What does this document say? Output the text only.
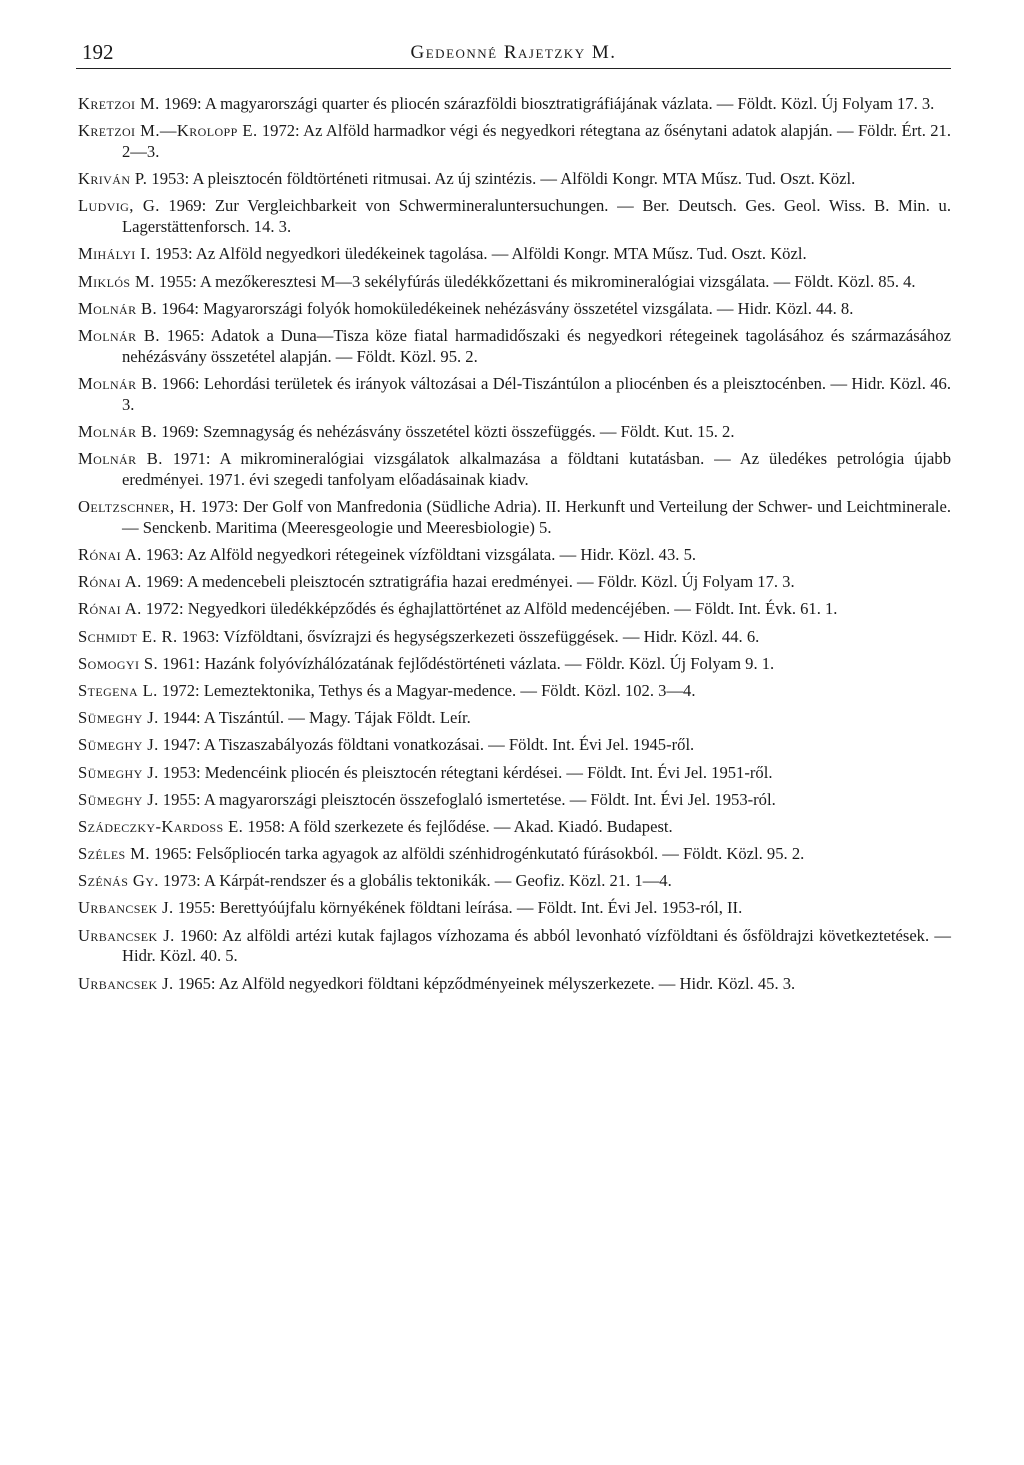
192	Gedeonné Rajetzky M.

Kretzoi M. 1969: A magyarországi quarter és pliocén szárazföldi biosztratigráfiájának vázlata. — Földt. Közl. Új Folyam 17. 3.

Kretzoi M.—Krolopp E. 1972: Az Alföld harmadkor végi és negyedkori rétegtana az ősénytani adatok alapján. — Földr. Ért. 21. 2—3.

Kriván P. 1953: A pleisztocén földtörténeti ritmusai. Az új szintézis. — Alföldi Kongr. MTA Műsz. Tud. Oszt. Közl.

Ludvig, G. 1969: Zur Vergleichbarkeit von Schwermineraluntersuchungen. — Ber. Deutsch. Ges. Geol. Wiss. B. Min. u. Lagerstättenforsch. 14. 3.

Mihályi I. 1953: Az Alföld negyedkori üledékeinek tagolása. — Alföldi Kongr. MTA Műsz. Tud. Oszt. Közl.

Miklós M. 1955: A mezőkeresztesi M—3 sekélyfúrás üledékkőzettani és mikromineralógiai vizsgálata. — Földt. Közl. 85. 4.

Molnár B. 1964: Magyarországi folyók homoküledékeinek nehézásvány összetétel vizsgálata. — Hidr. Közl. 44. 8.

Molnár B. 1965: Adatok a Duna—Tisza köze fiatal harmadidőszaki és negyedkori rétegeinek tagolásához és származásához nehézásvány összetétel alapján. — Földt. Közl. 95. 2.

Molnár B. 1966: Lehordási területek és irányok változásai a Dél-Tiszántúlon a pliocénben és a pleisztocénben. — Hidr. Közl. 46. 3.

Molnár B. 1969: Szemnagyság és nehézásvány összetétel közti összefüggés. — Földt. Kut. 15. 2.

Molnár B. 1971: A mikromineralógiai vizsgálatok alkalmazása a földtani kutatásban. — Az üledékes petrológia újabb eredményei. 1971. évi szegedi tanfolyam előadásainak kiadv.

Oeltzschner, H. 1973: Der Golf von Manfredonia (Südliche Adria). II. Herkunft und Verteilung der Schwer- und Leichtminerale. — Senckenb. Maritima (Meeresgeologie und Meeresbiologie) 5.

Rónai A. 1963: Az Alföld negyedkori rétegeinek vízföldtani vizsgálata. — Hidr. Közl. 43. 5.

Rónai A. 1969: A medencebeli pleisztocén sztratigráfia hazai eredményei. — Földr. Közl. Új Folyam 17. 3.

Rónai A. 1972: Negyedkori üledékképződés és éghajlattörténet az Alföld medencéjében. — Földt. Int. Évk. 61. 1.

Schmidt E. R. 1963: Vízföldtani, ősvízrajzi és hegységszerkezeti összefüggések. — Hidr. Közl. 44. 6.

Somogyi S. 1961: Hazánk folyóvízhálózatának fejlődéstörténeti vázlata. — Földr. Közl. Új Folyam 9. 1.

Stegena L. 1972: Lemeztektonika, Tethys és a Magyar-medence. — Földt. Közl. 102. 3—4.

Sümeghy J. 1944: A Tiszántúl. — Magy. Tájak Földt. Leír.

Sümeghy J. 1947: A Tiszaszabályozás földtani vonatkozásai. — Földt. Int. Évi Jel. 1945-ről.

Sümeghy J. 1953: Medencéink pliocén és pleisztocén rétegtani kérdései. — Földt. Int. Évi Jel. 1951-ről.

Sümeghy J. 1955: A magyarországi pleisztocén összefoglaló ismertetése. — Földt. Int. Évi Jel. 1953-ról.

Szádeczky-Kardoss E. 1958: A föld szerkezete és fejlődése. — Akad. Kiadó. Budapest.

Széles M. 1965: Felsőpliocén tarka agyagok az alföldi szénhidrogénkutató fúrásokból. — Földt. Közl. 95. 2.

Szénás Gy. 1973: A Kárpát-rendszer és a globális tektonikák. — Geofiz. Közl. 21. 1—4.

Urbancsek J. 1955: Berettyóújfalu környékének földtani leírása. — Földt. Int. Évi Jel. 1953-ról, II.

Urbancsek J. 1960: Az alföldi artézi kutak fajlagos vízhozama és abból levonható vízföldtani és ősföldrajzi következtetések. — Hidr. Közl. 40. 5.

Urbancsek J. 1965: Az Alföld negyedkori földtani képződményeinek mélyszerkezete. — Hidr. Közl. 45. 3.
